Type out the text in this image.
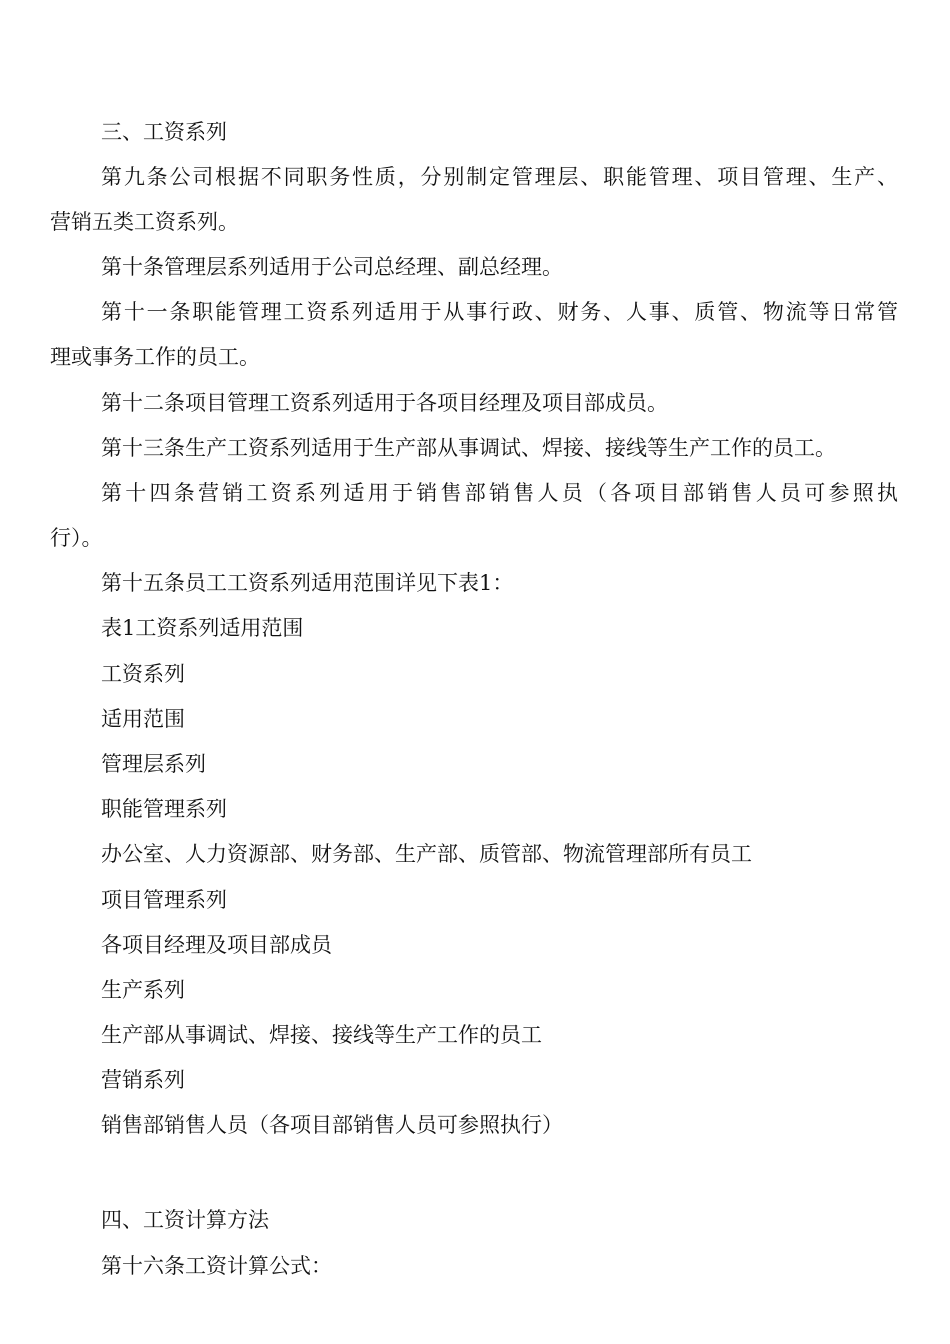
三、工资系列
第九条公司根据不同职务性质，分别制定管理层、职能管理、项目管理、生产、
营销五类工资系列。
第十条管理层系列适用于公司总经理、副总经理。
第十一条职能管理工资系列适用于从事行政、财务、人事、质管、物流等日常管
理或事务工作的员工。
第十二条项目管理工资系列适用于各项目经理及项目部成员。
第十三条生产工资系列适用于生产部从事调试、焊接、接线等生产工作的员工。
第十四条营销工资系列适用于销售部销售人员（各项目部销售人员可参照执
行）。
第十五条员工工资系列适用范围详见下表1：
表1工资系列适用范围
工资系列
适用范围
管理层系列
职能管理系列
办公室、人力资源部、财务部、生产部、质管部、物流管理部所有员工
项目管理系列
各项目经理及项目部成员
生产系列
生产部从事调试、焊接、接线等生产工作的员工
营销系列
销售部销售人员（各项目部销售人员可参照执行）
四、工资计算方法
第十六条工资计算公式：
